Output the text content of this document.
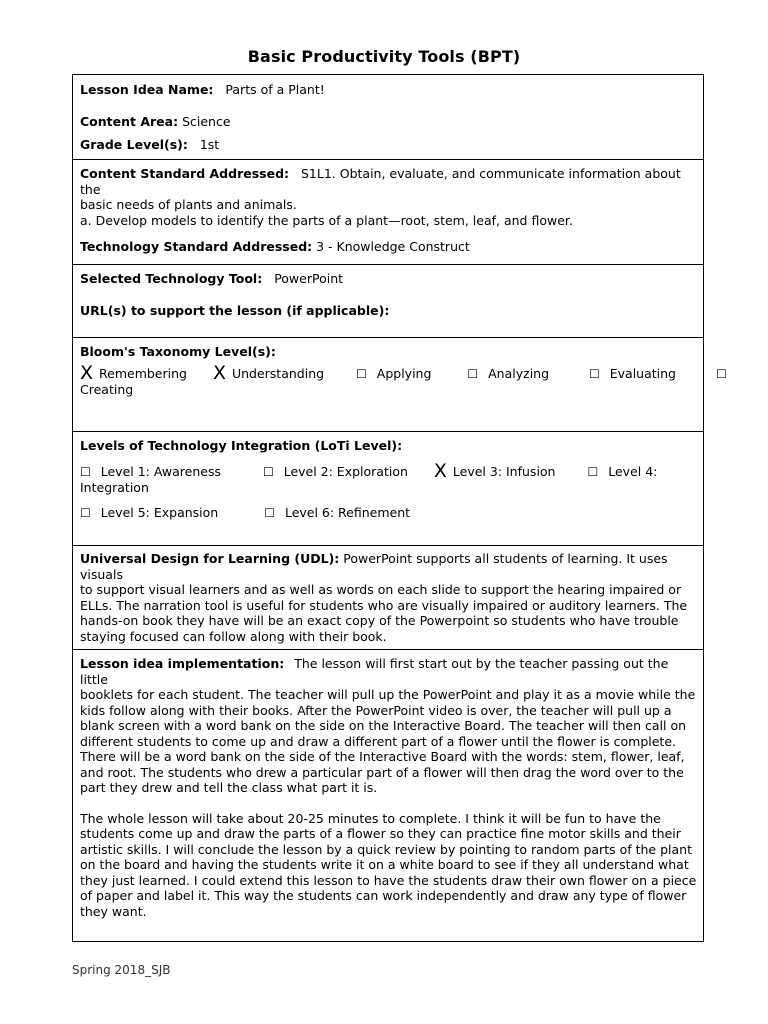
Basic Productivity Tools (BPT)
Lesson Idea Name: Parts of a Plant!
Content Area: Science
Grade Level(s): 1st
Content Standard Addressed: S1L1. Obtain, evaluate, and communicate information about the
basic needs of plants and animals.
a. Develop models to identify the parts of a plant—root, stem, leaf, and flower.
Technology Standard Addressed: 3 - Knowledge Construct
Selected Technology Tool: PowerPoint
URL(s) to support the lesson (if applicable):
Bloom's Taxonomy Level(s):
X Remembering X Understanding	☐ Applying	☐ Analyzing	☐ Evaluating	☐
Creating
Levels of Technology Integration (LoTi Level):
☐ Level 1: Awareness	☐ Level 2: Exploration X Level 3: Infusion	☐ Level 4:
Integration
☐ Level 5: Expansion	☐ Level 6: Refinement
Universal Design for Learning (UDL): PowerPoint supports all students of learning. It uses visuals
to support visual learners and as well as words on each slide to support the hearing impaired or
ELLs. The narration tool is useful for students who are visually impaired or auditory learners. The
hands-on book they have will be an exact copy of the Powerpoint so students who have trouble
staying focused can follow along with their book.
Lesson idea implementation: The lesson will first start out by the teacher passing out the little
booklets for each student. The teacher will pull up the PowerPoint and play it as a movie while the
kids follow along with their books. After the PowerPoint video is over, the teacher will pull up a
blank screen with a word bank on the side on the Interactive Board. The teacher will then call on
different students to come up and draw a different part of a flower until the flower is complete.
There will be a word bank on the side of the Interactive Board with the words: stem, flower, leaf,
and root. The students who drew a particular part of a flower will then drag the word over to the
part they drew and tell the class what part it is.
The whole lesson will take about 20-25 minutes to complete. I think it will be fun to have the
students come up and draw the parts of a flower so they can practice fine motor skills and their
artistic skills. I will conclude the lesson by a quick review by pointing to random parts of the plant
on the board and having the students write it on a white board to see if they all understand what
they just learned. I could extend this lesson to have the students draw their own flower on a piece
of paper and label it. This way the students can work independently and draw any type of flower
they want.
Spring 2018_SJB
